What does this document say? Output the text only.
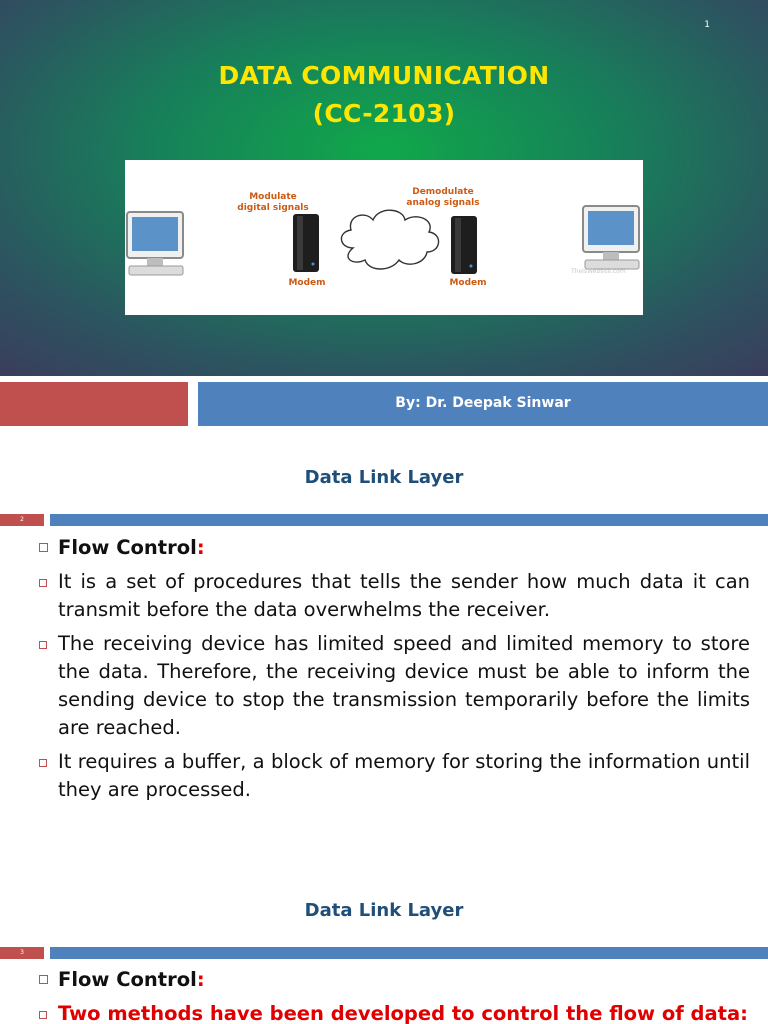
1
DATA COMMUNICATION
(CC-2103)
Modulate
digital signals
Demodulate
analog signals
Modem	Modem
TheIsWebsite.com
By: Dr. Deepak Sinwar
Data Link Layer
2
Flow Control:
It is a set of procedures that tells the sender how much data it can transmit before the data overwhelms the receiver.
The receiving device has limited speed and limited memory to store the data. Therefore, the receiving device must be able to inform the sending device to stop the transmission temporarily before the limits are reached.
It requires a buffer, a block of memory for storing the information until they are processed.
Data Link Layer
3
Flow Control:
Two methods have been developed to control the flow of data:
